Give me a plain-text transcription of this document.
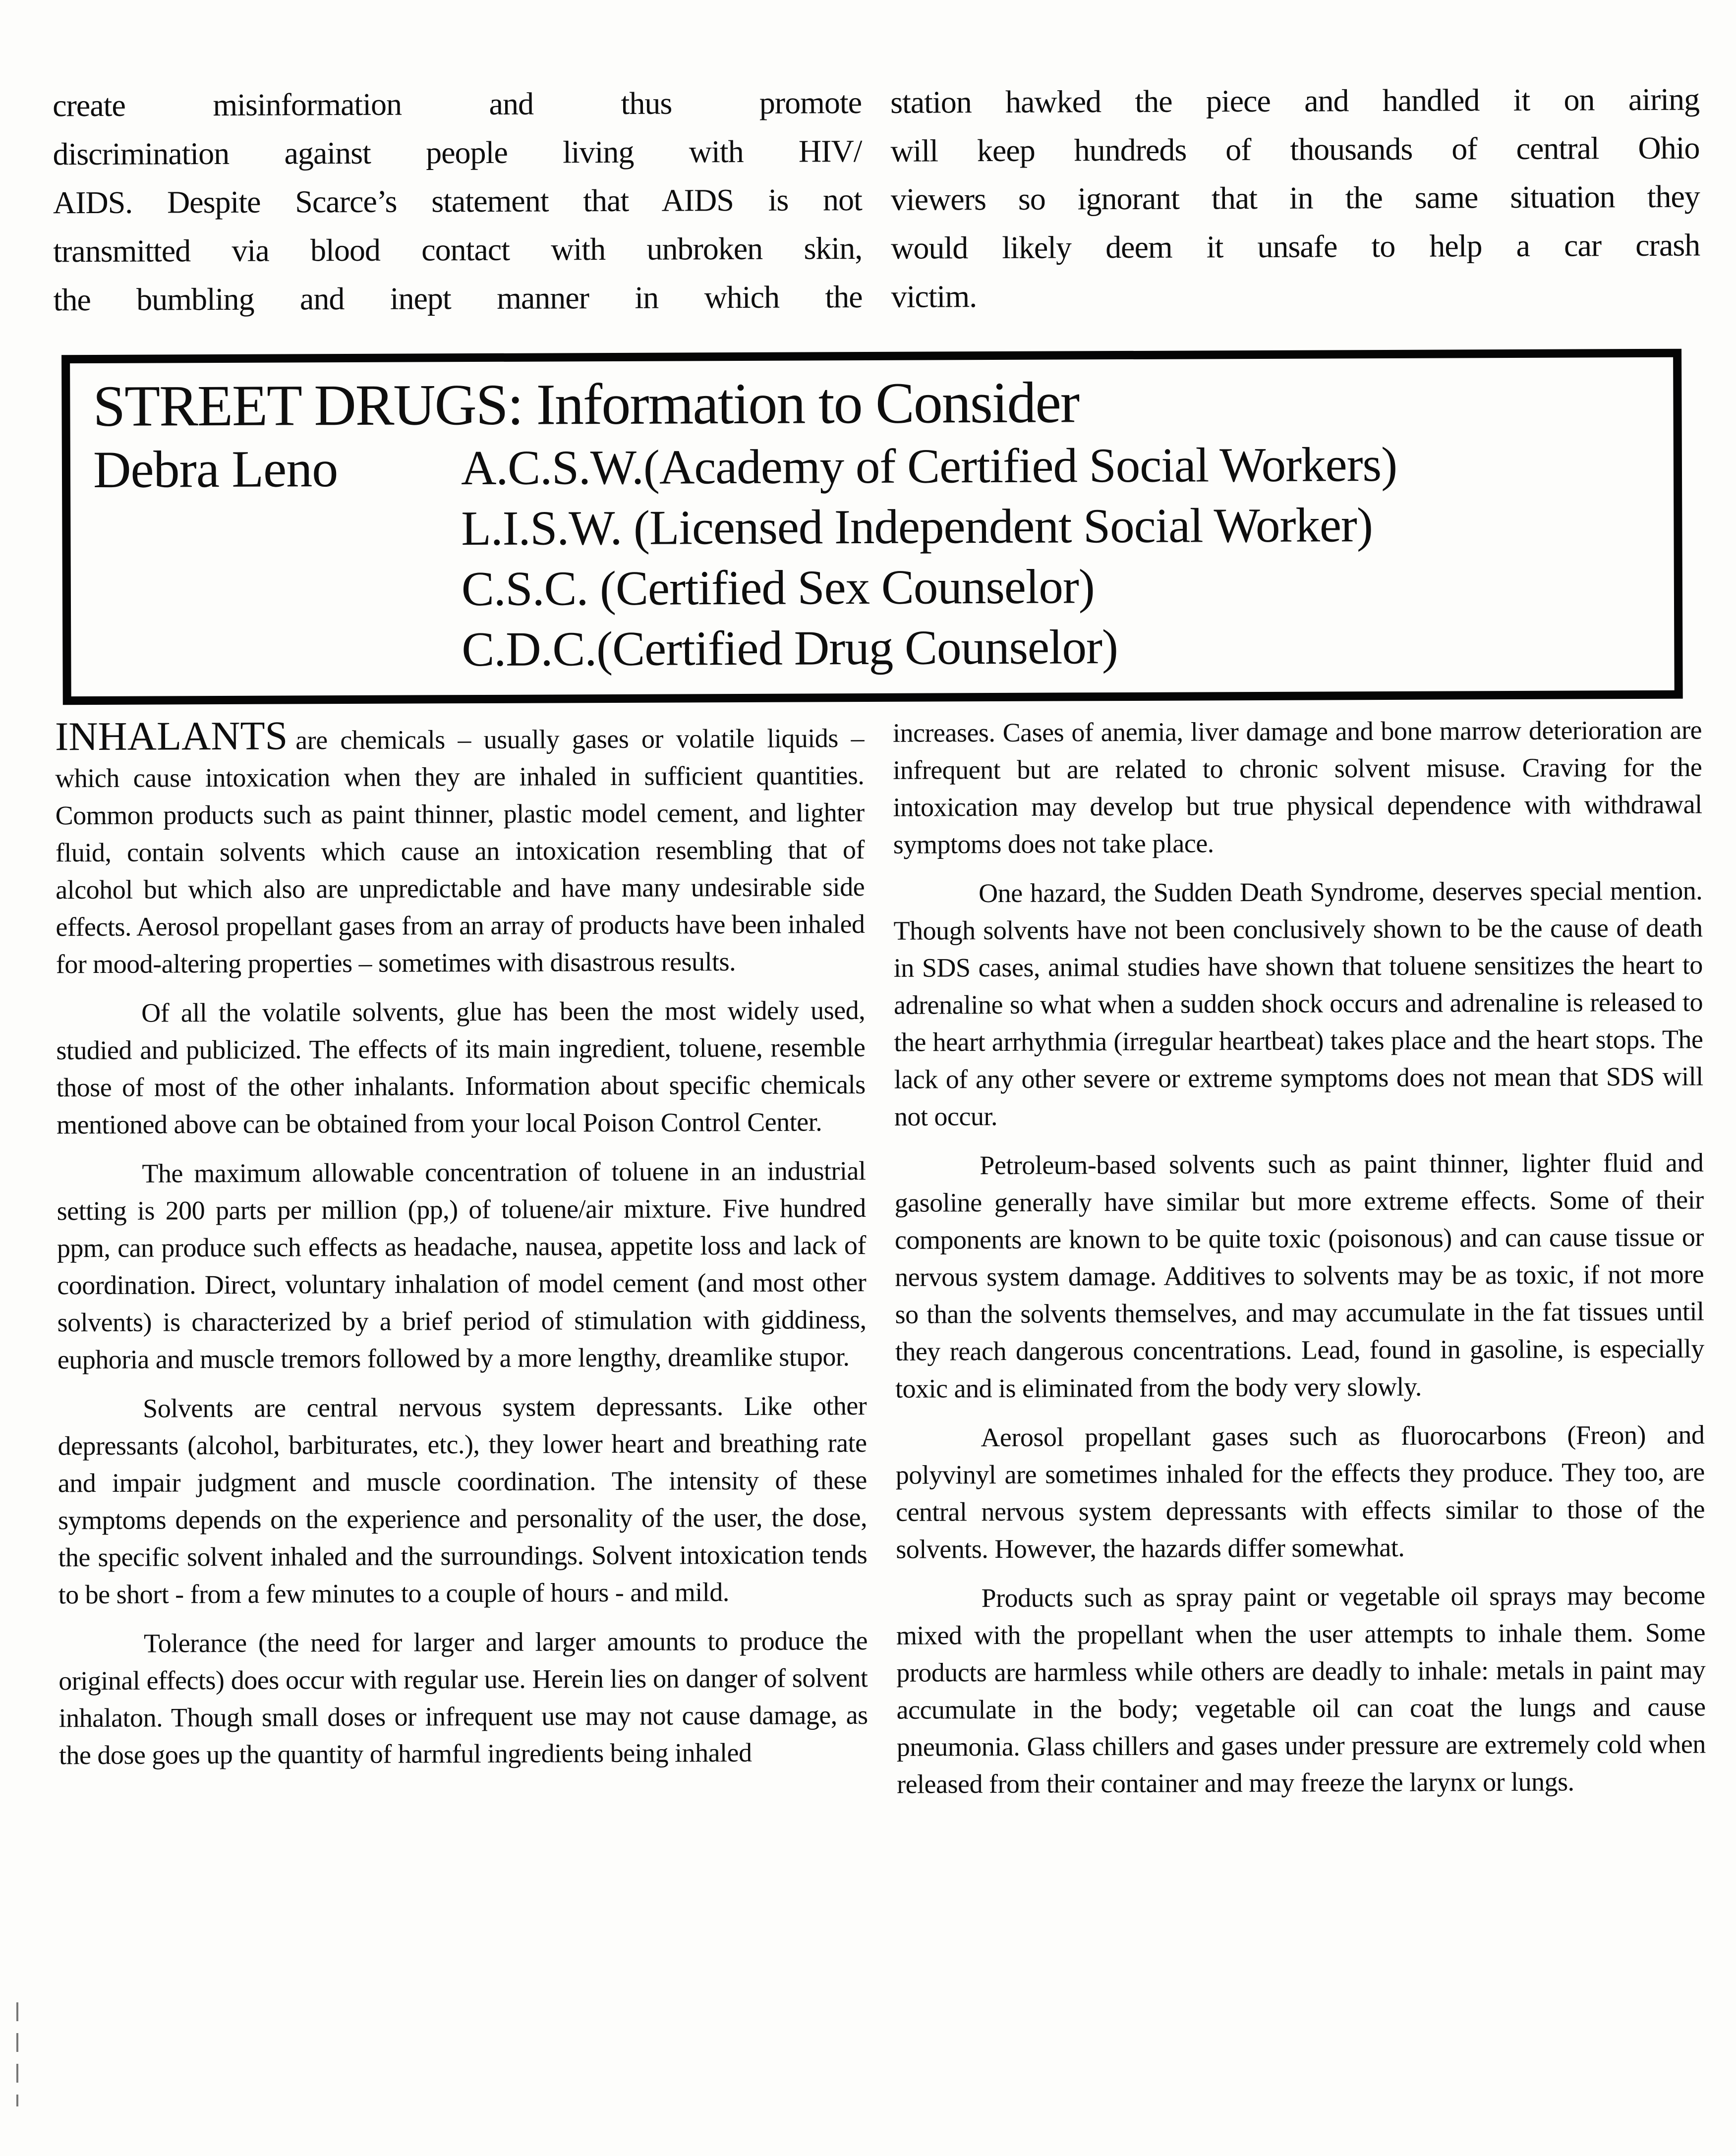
create misinformation and thus promote
discrimination against people living with HIV/
AIDS. Despite Scarce’s statement that AIDS is not
transmitted via blood contact with unbroken skin,
the bumbling and inept manner in which the
station hawked the piece and handled it on airing
will keep hundreds of thousands of central Ohio
viewers so ignorant that in the same situation they
would likely deem it unsafe to help a car crash
victim.
STREET DRUGS: Information to Consider
Debra Leno	A.C.S.W.(Academy of Certified Social Workers)
L.I.S.W. (Licensed Independent Social Worker)
C.S.C. (Certified Sex Counselor)
C.D.C.(Certified Drug Counselor)

INHALANTS are chemicals – usually gases or volatile liquids – which cause intoxication when they are inhaled in sufficient quantities. Common products such as paint thinner, plastic model cement, and lighter fluid, contain solvents which cause an intoxication resembling that of alcohol but which also are unpredictable and have many undesirable side effects. Aerosol propellant gases from an array of products have been inhaled for mood-altering properties – sometimes with disastrous results.

Of all the volatile solvents, glue has been the most widely used, studied and publicized. The effects of its main ingredient, toluene, resemble those of most of the other inhalants. Information about specific chemicals mentioned above can be obtained from your local Poison Control Center.

The maximum allowable concentration of toluene in an industrial setting is 200 parts per million (pp,) of toluene/air mixture. Five hundred ppm, can produce such effects as headache, nausea, appetite loss and lack of coordination. Direct, voluntary inhalation of model cement (and most other solvents) is characterized by a brief period of stimulation with giddiness, euphoria and muscle tremors followed by a more lengthy, dreamlike stupor.

Solvents are central nervous system depressants. Like other depressants (alcohol, barbiturates, etc.), they lower heart and breathing rate and impair judgment and muscle coordination. The intensity of these symptoms depends on the experience and personality of the user, the dose, the specific solvent inhaled and the surroundings. Solvent intoxication tends to be short - from a few minutes to a couple of hours - and mild.

Tolerance (the need for larger and larger amounts to produce the original effects) does occur with regular use. Herein lies on danger of solvent inhalaton. Though small doses or infrequent use may not cause damage, as the dose goes up the quantity of harmful ingredients being inhaled

increases. Cases of anemia, liver damage and bone marrow deterioration are infrequent but are related to chronic solvent misuse. Craving for the intoxication may develop but true physical dependence with withdrawal symptoms does not take place.

One hazard, the Sudden Death Syndrome, deserves special mention. Though solvents have not been conclusively shown to be the cause of death in SDS cases, animal studies have shown that toluene sensitizes the heart to adrenaline so what when a sudden shock occurs and adrenaline is released to the heart arrhythmia (irregular heartbeat) takes place and the heart stops. The lack of any other severe or extreme symptoms does not mean that SDS will not occur.

Petroleum-based solvents such as paint thinner, lighter fluid and gasoline generally have similar but more extreme effects. Some of their components are known to be quite toxic (poisonous) and can cause tissue or nervous system damage. Additives to solvents may be as toxic, if not more so than the solvents themselves, and may accumulate in the fat tissues until they reach dangerous concentrations. Lead, found in gasoline, is especially toxic and is eliminated from the body very slowly.

Aerosol propellant gases such as fluorocarbons (Freon) and polyvinyl are sometimes inhaled for the effects they produce. They too, are central nervous system depressants with effects similar to those of the solvents. However, the hazards differ somewhat.

Products such as spray paint or vegetable oil sprays may become mixed with the propellant when the user attempts to inhale them. Some products are harmless while others are deadly to inhale: metals in paint may accumulate in the body; vegetable oil can coat the lungs and cause pneumonia. Glass chillers and gases under pressure are extremely cold when released from their container and may freeze the larynx or lungs.
